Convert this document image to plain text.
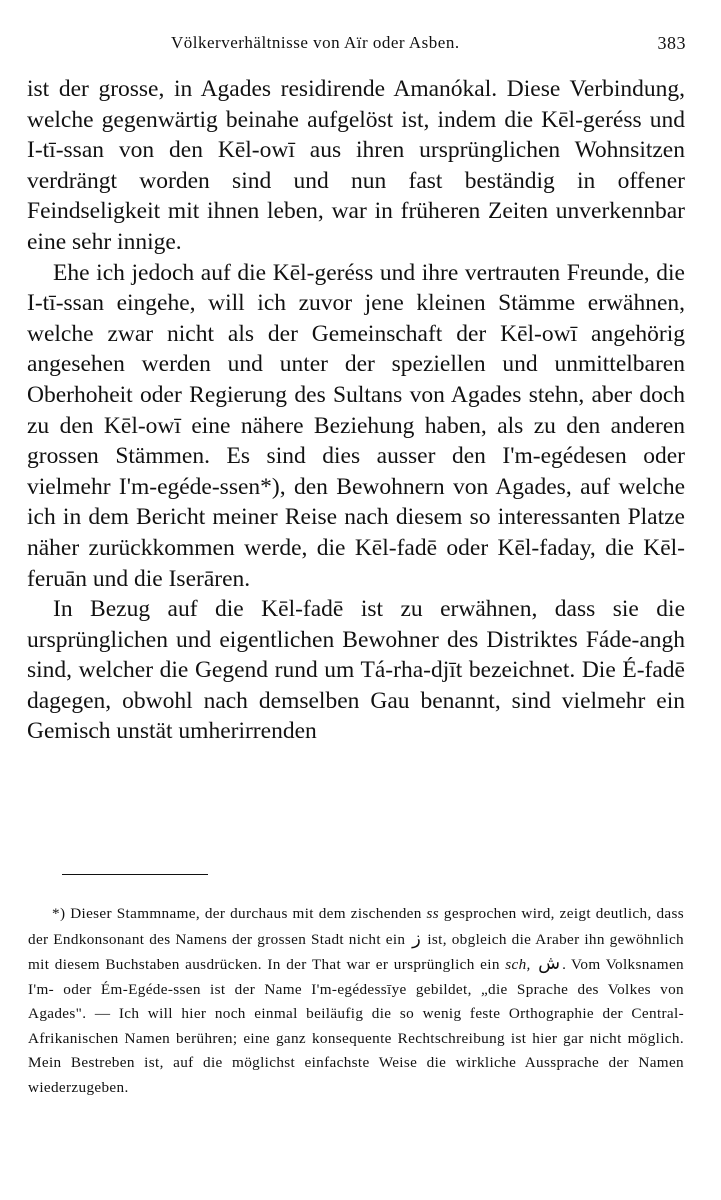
Völkerverhältnisse von Aïr oder Asben.	383

ist der grosse, in Agades residirende Amanókal. Diese Verbindung, welche gegenwärtig beinahe aufgelöst ist, indem die Kēl-geréss und I-tī-ssan von den Kēl-owī aus ihren ursprünglichen Wohnsitzen verdrängt worden sind und nun fast beständig in offener Feindseligkeit mit ihnen leben, war in früheren Zeiten unverkennbar eine sehr innige.

Ehe ich jedoch auf die Kēl-geréss und ihre vertrauten Freunde, die I-tī-ssan eingehe, will ich zuvor jene kleinen Stämme erwähnen, welche zwar nicht als der Gemeinschaft der Kēl-owī angehörig angesehen werden und unter der speziellen und unmittelbaren Oberhoheit oder Regierung des Sultans von Agades stehn, aber doch zu den Kēl-owī eine nähere Beziehung haben, als zu den anderen grossen Stämmen. Es sind dies ausser den I'm-egédesen oder vielmehr I'm-egéde-ssen*), den Bewohnern von Agades, auf welche ich in dem Bericht meiner Reise nach diesem so interessanten Platze näher zurückkommen werde, die Kēl-fadē oder Kēl-faday, die Kēl-feruān und die Iserāren.

In Bezug auf die Kēl-fadē ist zu erwähnen, dass sie die ursprünglichen und eigentlichen Bewohner des Distriktes Fáde-angh sind, welcher die Gegend rund um Tá-rha-djīt bezeichnet. Die É-fadē dagegen, obwohl nach demselben Gau benannt, sind vielmehr ein Gemisch unstät umherirrenden

*) Dieser Stammname, der durchaus mit dem zischenden ss gesprochen wird, zeigt deutlich, dass der Endkonsonant des Namens der grossen Stadt nicht ein ز ist, obgleich die Araber ihn gewöhnlich mit diesem Buchstaben ausdrücken. In der That war er ursprünglich ein sch, ش . Vom Volksnamen I'm- oder Ém-Egéde-ssen ist der Name I'm-egédessīye gebildet, „die Sprache des Volkes von Agades". — Ich will hier noch einmal beiläufig die so wenig feste Orthographie der Central-Afrikanischen Namen berühren; eine ganz konsequente Rechtschreibung ist hier gar nicht möglich. Mein Bestreben ist, auf die möglichst einfachste Weise die wirkliche Aussprache der Namen wiederzugeben.
